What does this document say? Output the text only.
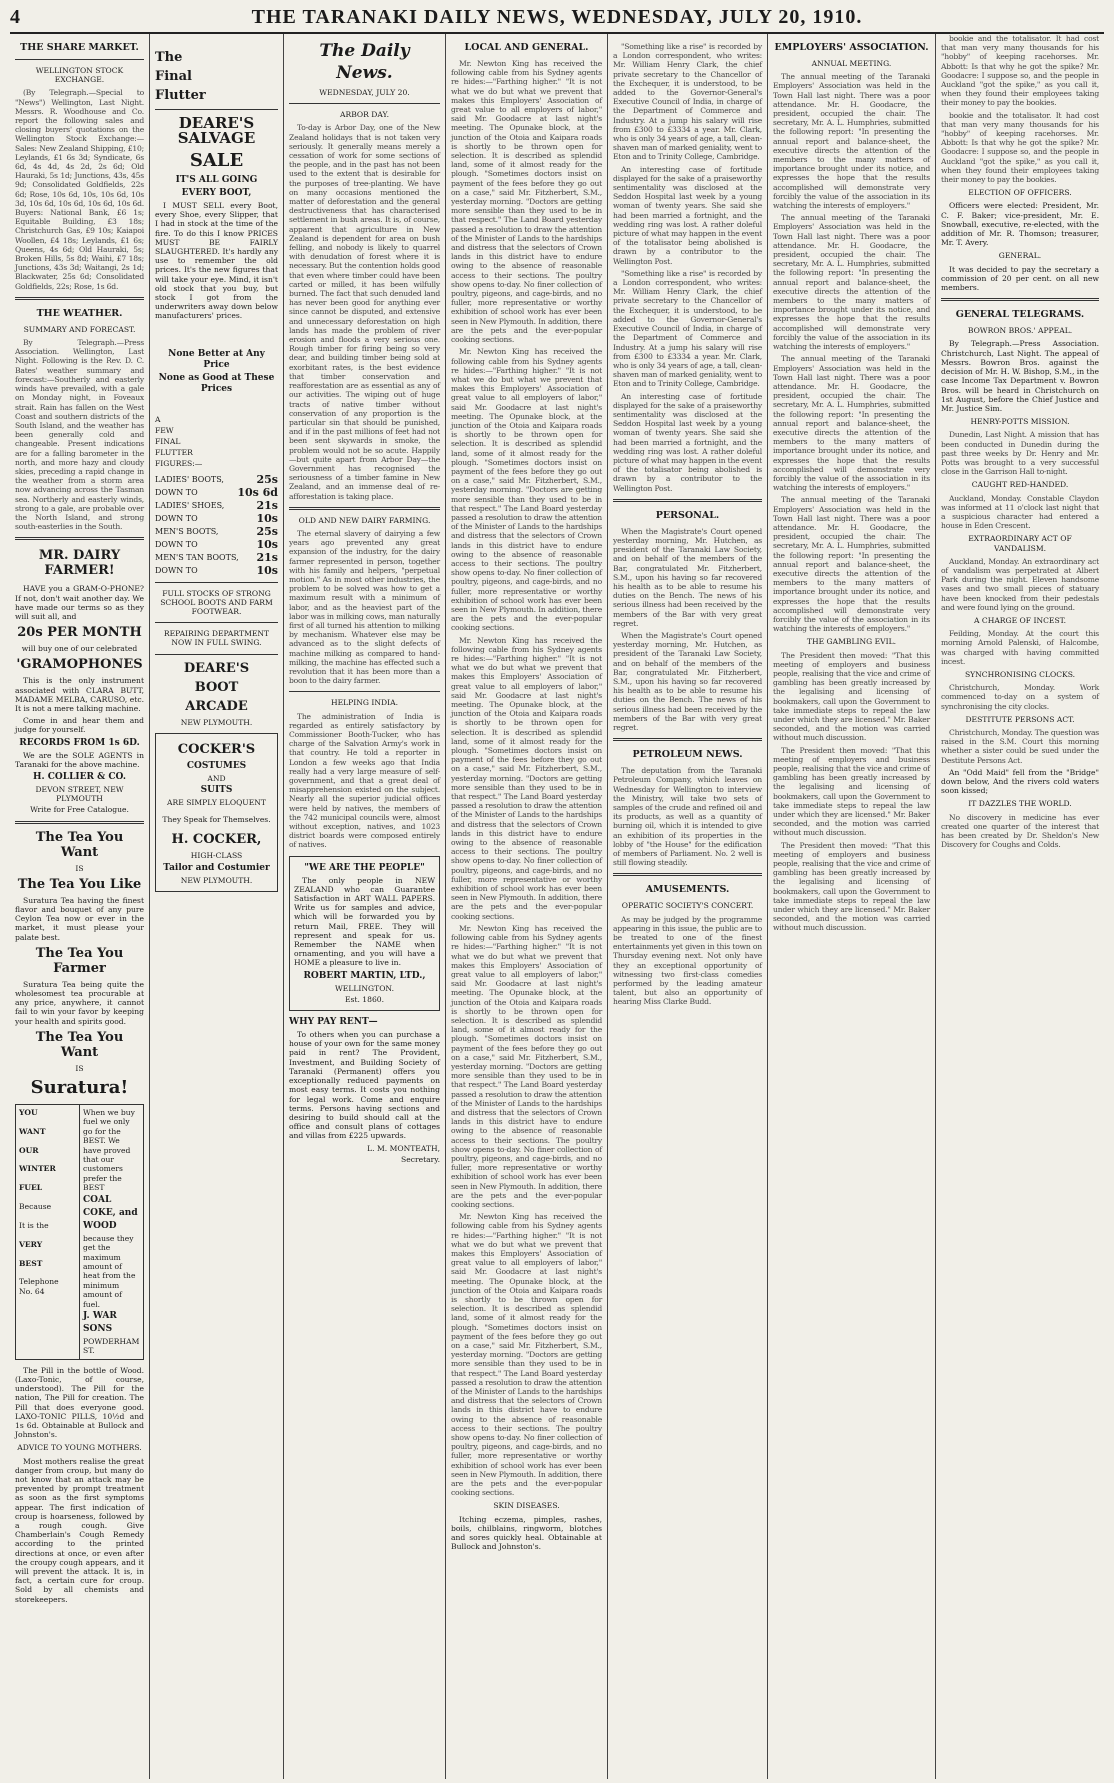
4	THE TARANAKI DAILY NEWS, WEDNESDAY, JULY 20, 1910.
THE SHARE MARKET.
WELLINGTON STOCK EXCHANGE.

(By Telegraph.—Special to "News") Wellington, Last Night. Messrs. R. Woodhouse and Co. report the following sales and closing buyers' quotations on the Wellington Stock Exchange:—Sales: New Zealand Shipping, £10; Leylands, £1 6s 3d; Syndicate, 6s 6d, 4s 4d, 4s 2d, 2s 6d; Old Hauraki, 5s 1d; Junctions, 43s, 45s 9d; Consolidated Goldfields, 22s 6d; Rose, 10s 6d, 10s, 10s 6d, 10s 3d, 10s 6d, 10s 6d, 10s 6d, 10s 6d. Buyers: National Bank, £6 1s; Equitable Building, £3 18s; Christchurch Gas, £9 10s; Kaiapoi Woollen, £4 18s; Leylands, £1 6s; Queens, 4s 6d; Old Hauraki, 5s; Broken Hills, 5s 8d; Waihi, £7 18s; Junctions, 43s 3d; Waitangi, 2s 1d; Blackwater, 25s 6d; Consolidated Goldfields, 22s; Rose, 1s 6d.

THE WEATHER.
SUMMARY AND FORECAST.

By Telegraph.—Press Association. Wellington, Last Night. Following is the Rev. D. C. Bates' weather summary and forecast:—Southerly and easterly winds have prevailed, with a gale on Monday night, in Foveaux strait. Rain has fallen on the West Coast and southern districts of the South Island, and the weather has been generally cold and changeable. Present indications are for a falling barometer in the north, and more hazy and cloudy skies, preceding a rapid change in the weather from a storm area now advancing across the Tasman sea. Northerly and easterly winds, strong to a gale, are probable over the North Island, and strong south-easterlies in the South.

MR. DAIRY FARMER!

HAVE you a GRAM-O-PHONE? If not, don't wait another day. We have made our terms so as they will suit all, and

20s PER MONTH
will buy one of our celebrated
'GRAMOPHONES

This is the only instrument associated with CLARA BUTT, MADAME MELBA, CARUSO, etc. It is not a mere talking machine.

Come in and hear them and judge for yourself.

RECORDS FROM 1s 6D.

We are the SOLE AGENTS in Taranaki for the above machine.

H. COLLIER & CO.
DEVON STREET, NEW PLYMOUTH
Write for Free Catalogue.
The Tea You Want
IS
The Tea You Like

Suratura Tea having the finest flavor and bouquet of any pure Ceylon Tea now or ever in the market, it must please your palate best.

The Tea You Farmer

Suratura Tea being quite the wholesomest tea procurable at any price, anywhere, it cannot fail to win your favor by keeping your health and spirits good.

The Tea You Want
IS
Suratura!
YOU

WANT

OUR

WINTER

FUEL

Because

It is the

VERY

BEST

Telephone
No. 64
When we buy fuel we only go for the BEST. We have proved that our customers prefer the BEST
COAL
COKE, and
WOOD
because they get the maximum amount of heat from the minimum amount of fuel.
J. WAR
SONS
POWDERHAM ST.

The Pill in the bottle of Wood. (Laxo-Tonic, of course, understood). The Pill for the nation, The Pill for creation. The Pill that does everyone good. LAXO-TONIC PILLS, 10½d and 1s 6d. Obtainable at Bullock and Johnston's.

ADVICE TO YOUNG MOTHERS.

Most mothers realise the great danger from croup, but many do not know that an attack may be prevented by prompt treatment as soon as the first symptoms appear. The first indication of croup is hoarseness, followed by a rough cough. Give Chamberlain's Cough Remedy according to the printed directions at once, or even after the croupy cough appears, and it will prevent the attack. It is, in fact, a certain cure for croup. Sold by all chemists and storekeepers.

The
Final
Flutter
DEARE'S SALVAGE
SALE
IT'S ALL GOING
EVERY BOOT,

I MUST SELL every Boot, every Shoe, every Slipper, that I had in stock at the time of the fire. To do this I know PRICES MUST BE FAIRLY SLAUGHTERED. It's hardly any use to remember the old prices. It's the new figures that will take your eye. Mind, it isn't old stock that you buy, but stock I got from the underwriters away down below manufacturers' prices.

None Better at Any Price
None as Good at These Prices
A
FEW
FINAL
FLUTTER
FIGURES:—
LADIES' BOOTS,	25s
DOWN TO	10s 6d
LADIES' SHOES,	21s
DOWN TO	10s
MEN'S BOOTS,	25s
DOWN TO	10s
MEN'S TAN BOOTS, 21s
DOWN TO	10s
FULL STOCKS OF STRONG SCHOOL BOOTS AND FARM FOOTWEAR.
REPAIRING DEPARTMENT NOW IN FULL SWING.
DEARE'S
BOOT
ARCADE
NEW PLYMOUTH.
COCKER'S
COSTUMES
AND
SUITS
ARE SIMPLY ELOQUENT
They Speak for Themselves.
H. COCKER,
HIGH-CLASS
Tailor and Costumier
NEW PLYMOUTH.
The Daily News.
WEDNESDAY, JULY 20.
ARBOR DAY.

To-day is Arbor Day, one of the New Zealand holidays that is not taken very seriously. It generally means merely a cessation of work for some sections of the people, and in the past has not been used to the extent that is desirable for the purposes of tree-planting. We have on many occasions mentioned the matter of deforestation and the general destructiveness that has characterised settlement in bush areas. It is, of course, apparent that agriculture in New Zealand is dependent for area on bush felling, and nobody is likely to quarrel with denudation of forest where it is necessary. But the contention holds good that even where timber could have been carted or milled, it has been wilfully burned. The fact that such denuded land has never been good for anything ever since cannot be disputed, and extensive and unnecessary deforestation on high lands has made the problem of river erosion and floods a very serious one. Rough timber for firing being so very dear, and building timber being sold at exorbitant rates, is the best evidence that timber conservation and reafforestation are as essential as any of our activities. The wiping out of huge tracts of native timber without conservation of any proportion is the particular sin that should be punished, and if in the past millions of feet had not been sent skywards in smoke, the problem would not be so acute. Happily—but quite apart from Arbor Day—the Government has recognised the seriousness of a timber famine in New Zealand, and an immense deal of re-afforestation is taking place.

OLD AND NEW DAIRY FARMING.

The eternal slavery of dairying a few years ago prevented any great expansion of the industry, for the dairy farmer represented in person, together with his family and helpers, "perpetual motion." As in most other industries, the problem to be solved was how to get a maximum result with a minimum of labor, and as the heaviest part of the labor was in milking cows, man naturally first of all turned his attention to milking by mechanism. Whatever else may be advanced as to the slight defects of machine milking as compared to hand-milking, the machine has effected such a revolution that it has been more than a boon to the dairy farmer.

HELPING INDIA.

The administration of India is regarded as entirely satisfactory by Commissioner Booth-Tucker, who has charge of the Salvation Army's work in that country. He told a reporter in London a few weeks ago that India really had a very large measure of self-government, and that a great deal of misapprehension existed on the subject. Nearly all the superior judicial offices were held by natives, the members of the 742 municipal councils were, almost without exception, natives, and 1023 district boards were composed entirely of natives.

"WE ARE THE PEOPLE"

The only people in NEW ZEALAND who can Guarantee Satisfaction in ART WALL PAPERS. Write us for samples and advice, which will be forwarded you by return Mail, FREE. They will represent and speak for us. Remember the NAME when ornamenting, and you will have a HOME a pleasure to live in.

ROBERT MARTIN, LTD.,
WELLINGTON.
Est. 1860.
WHY PAY RENT—

To others when you can purchase a house of your own for the same money paid in rent? The Provident, Investment, and Building Society of Taranaki (Permanent) offers you exceptionally reduced payments on most easy terms. It costs you nothing for legal work. Come and enquire terms. Persons having sections and desiring to build should call at the office and consult plans of cottages and villas from £225 upwards.

L. M. MONTEATH,
Secretary.
LOCAL AND GENERAL.

Mr. Newton King has received the following cable from his Sydney agents re hides:—"Farthing higher." "It is not what we do but what we prevent that makes this Employers' Association of great value to all employers of labor," said Mr. Goodacre at last night's meeting. The Opunake block, at the junction of the Otoia and Kaipara roads is shortly to be thrown open for selection. It is described as splendid land, some of it almost ready for the plough. "Sometimes doctors insist on payment of the fees before they go out on a case," said Mr. Fitzherbert, S.M., yesterday morning. "Doctors are getting more sensible than they used to be in that respect." The Land Board yesterday passed a resolution to draw the attention of the Minister of Lands to the hardships and distress that the selectors of Crown lands in this district have to endure owing to the absence of reasonable access to their sections. The poultry show opens to-day. No finer collection of poultry, pigeons, and cage-birds, and no fuller, more representative or worthy exhibition of school work has ever been seen in New Plymouth. In addition, there are the pets and the ever-popular cooking sections.

Mr. Newton King has received the following cable from his Sydney agents re hides:—"Farthing higher." "It is not what we do but what we prevent that makes this Employers' Association of great value to all employers of labor," said Mr. Goodacre at last night's meeting. The Opunake block, at the junction of the Otoia and Kaipara roads is shortly to be thrown open for selection. It is described as splendid land, some of it almost ready for the plough. "Sometimes doctors insist on payment of the fees before they go out on a case," said Mr. Fitzherbert, S.M., yesterday morning. "Doctors are getting more sensible than they used to be in that respect." The Land Board yesterday passed a resolution to draw the attention of the Minister of Lands to the hardships and distress that the selectors of Crown lands in this district have to endure owing to the absence of reasonable access to their sections. The poultry show opens to-day. No finer collection of poultry, pigeons, and cage-birds, and no fuller, more representative or worthy exhibition of school work has ever been seen in New Plymouth. In addition, there are the pets and the ever-popular cooking sections.

Mr. Newton King has received the following cable from his Sydney agents re hides:—"Farthing higher." "It is not what we do but what we prevent that makes this Employers' Association of great value to all employers of labor," said Mr. Goodacre at last night's meeting. The Opunake block, at the junction of the Otoia and Kaipara roads is shortly to be thrown open for selection. It is described as splendid land, some of it almost ready for the plough. "Sometimes doctors insist on payment of the fees before they go out on a case," said Mr. Fitzherbert, S.M., yesterday morning. "Doctors are getting more sensible than they used to be in that respect." The Land Board yesterday passed a resolution to draw the attention of the Minister of Lands to the hardships and distress that the selectors of Crown lands in this district have to endure owing to the absence of reasonable access to their sections. The poultry show opens to-day. No finer collection of poultry, pigeons, and cage-birds, and no fuller, more representative or worthy exhibition of school work has ever been seen in New Plymouth. In addition, there are the pets and the ever-popular cooking sections.

Mr. Newton King has received the following cable from his Sydney agents re hides:—"Farthing higher." "It is not what we do but what we prevent that makes this Employers' Association of great value to all employers of labor," said Mr. Goodacre at last night's meeting. The Opunake block, at the junction of the Otoia and Kaipara roads is shortly to be thrown open for selection. It is described as splendid land, some of it almost ready for the plough. "Sometimes doctors insist on payment of the fees before they go out on a case," said Mr. Fitzherbert, S.M., yesterday morning. "Doctors are getting more sensible than they used to be in that respect." The Land Board yesterday passed a resolution to draw the attention of the Minister of Lands to the hardships and distress that the selectors of Crown lands in this district have to endure owing to the absence of reasonable access to their sections. The poultry show opens to-day. No finer collection of poultry, pigeons, and cage-birds, and no fuller, more representative or worthy exhibition of school work has ever been seen in New Plymouth. In addition, there are the pets and the ever-popular cooking sections.

Mr. Newton King has received the following cable from his Sydney agents re hides:—"Farthing higher." "It is not what we do but what we prevent that makes this Employers' Association of great value to all employers of labor," said Mr. Goodacre at last night's meeting. The Opunake block, at the junction of the Otoia and Kaipara roads is shortly to be thrown open for selection. It is described as splendid land, some of it almost ready for the plough. "Sometimes doctors insist on payment of the fees before they go out on a case," said Mr. Fitzherbert, S.M., yesterday morning. "Doctors are getting more sensible than they used to be in that respect." The Land Board yesterday passed a resolution to draw the attention of the Minister of Lands to the hardships and distress that the selectors of Crown lands in this district have to endure owing to the absence of reasonable access to their sections. The poultry show opens to-day. No finer collection of poultry, pigeons, and cage-birds, and no fuller, more representative or worthy exhibition of school work has ever been seen in New Plymouth. In addition, there are the pets and the ever-popular cooking sections.

SKIN DISEASES.

Itching eczema, pimples, rashes, boils, chilblains, ringworm, blotches and sores quickly heal. Obtainable at Bullock and Johnston's.

"Something like a rise" is recorded by a London correspondent, who writes: Mr. William Henry Clark, the chief private secretary to the Chancellor of the Exchequer, it is understood, to be added to the Governor-General's Executive Council of India, in charge of the Department of Commerce and Industry. At a jump his salary will rise from £300 to £3334 a year. Mr. Clark, who is only 34 years of age, a tall, clean-shaven man of marked geniality, went to Eton and to Trinity College, Cambridge.

An interesting case of fortitude displayed for the sake of a praiseworthy sentimentality was disclosed at the Seddon Hospital last week by a young woman of twenty years. She said she had been married a fortnight, and the wedding ring was lost. A rather doleful picture of what may happen in the event of the totalisator being abolished is drawn by a contributor to the Wellington Post.

"Something like a rise" is recorded by a London correspondent, who writes: Mr. William Henry Clark, the chief private secretary to the Chancellor of the Exchequer, it is understood, to be added to the Governor-General's Executive Council of India, in charge of the Department of Commerce and Industry. At a jump his salary will rise from £300 to £3334 a year. Mr. Clark, who is only 34 years of age, a tall, clean-shaven man of marked geniality, went to Eton and to Trinity College, Cambridge.

An interesting case of fortitude displayed for the sake of a praiseworthy sentimentality was disclosed at the Seddon Hospital last week by a young woman of twenty years. She said she had been married a fortnight, and the wedding ring was lost. A rather doleful picture of what may happen in the event of the totalisator being abolished is drawn by a contributor to the Wellington Post.

PERSONAL.

When the Magistrate's Court opened yesterday morning, Mr. Hutchen, as president of the Taranaki Law Society, and on behalf of the members of the Bar, congratulated Mr. Fitzherbert, S.M., upon his having so far recovered his health as to be able to resume his duties on the Bench. The news of his serious illness had been received by the members of the Bar with very great regret.

When the Magistrate's Court opened yesterday morning, Mr. Hutchen, as president of the Taranaki Law Society, and on behalf of the members of the Bar, congratulated Mr. Fitzherbert, S.M., upon his having so far recovered his health as to be able to resume his duties on the Bench. The news of his serious illness had been received by the members of the Bar with very great regret.

PETROLEUM NEWS.

The deputation from the Taranaki Petroleum Company, which leaves on Wednesday for Wellington to interview the Ministry, will take two sets of samples of the crude and refined oil and its products, as well as a quantity of burning oil, which it is intended to give an exhibition of its properties in the lobby of "the House" for the edification of members of Parliament. No. 2 well is still flowing steadily.

AMUSEMENTS.
OPERATIC SOCIETY'S CONCERT.

As may be judged by the programme appearing in this issue, the public are to be treated to one of the finest entertainments yet given in this town on Thursday evening next. Not only have they an exceptional opportunity of witnessing two first-class comedies performed by the leading amateur talent, but also an opportunity of hearing Miss Clarke Budd.

EMPLOYERS' ASSOCIATION.
ANNUAL MEETING.

The annual meeting of the Taranaki Employers' Association was held in the Town Hall last night. There was a poor attendance. Mr. H. Goodacre, the president, occupied the chair. The secretary, Mr. A. L. Humphries, submitted the following report: "In presenting the annual report and balance-sheet, the executive directs the attention of the members to the many matters of importance brought under its notice, and expresses the hope that the results accomplished will demonstrate very forcibly the value of the association in its watching the interests of employers."

The annual meeting of the Taranaki Employers' Association was held in the Town Hall last night. There was a poor attendance. Mr. H. Goodacre, the president, occupied the chair. The secretary, Mr. A. L. Humphries, submitted the following report: "In presenting the annual report and balance-sheet, the executive directs the attention of the members to the many matters of importance brought under its notice, and expresses the hope that the results accomplished will demonstrate very forcibly the value of the association in its watching the interests of employers."

The annual meeting of the Taranaki Employers' Association was held in the Town Hall last night. There was a poor attendance. Mr. H. Goodacre, the president, occupied the chair. The secretary, Mr. A. L. Humphries, submitted the following report: "In presenting the annual report and balance-sheet, the executive directs the attention of the members to the many matters of importance brought under its notice, and expresses the hope that the results accomplished will demonstrate very forcibly the value of the association in its watching the interests of employers."

The annual meeting of the Taranaki Employers' Association was held in the Town Hall last night. There was a poor attendance. Mr. H. Goodacre, the president, occupied the chair. The secretary, Mr. A. L. Humphries, submitted the following report: "In presenting the annual report and balance-sheet, the executive directs the attention of the members to the many matters of importance brought under its notice, and expresses the hope that the results accomplished will demonstrate very forcibly the value of the association in its watching the interests of employers."

THE GAMBLING EVIL.

The President then moved: "That this meeting of employers and business people, realising that the vice and crime of gambling has been greatly increased by the legalising and licensing of bookmakers, call upon the Government to take immediate steps to repeal the law under which they are licensed." Mr. Baker seconded, and the motion was carried without much discussion.

The President then moved: "That this meeting of employers and business people, realising that the vice and crime of gambling has been greatly increased by the legalising and licensing of bookmakers, call upon the Government to take immediate steps to repeal the law under which they are licensed." Mr. Baker seconded, and the motion was carried without much discussion.

The President then moved: "That this meeting of employers and business people, realising that the vice and crime of gambling has been greatly increased by the legalising and licensing of bookmakers, call upon the Government to take immediate steps to repeal the law under which they are licensed." Mr. Baker seconded, and the motion was carried without much discussion.

bookie and the totalisator. It had cost that man very many thousands for his "hobby" of keeping racehorses. Mr. Abbott: Is that why he got the spike? Mr. Goodacre: I suppose so, and the people in Auckland "got the spike," as you call it, when they found their employees taking their money to pay the bookies.

bookie and the totalisator. It had cost that man very many thousands for his "hobby" of keeping racehorses. Mr. Abbott: Is that why he got the spike? Mr. Goodacre: I suppose so, and the people in Auckland "got the spike," as you call it, when they found their employees taking their money to pay the bookies.

ELECTION OF OFFICERS.

Officers were elected: President, Mr. C. F. Baker; vice-president, Mr. E. Snowball, executive, re-elected, with the addition of Mr. R. Thomson; treasurer, Mr. T. Avery.

GENERAL.

It was decided to pay the secretary a commission of 20 per cent. on all new members.

GENERAL TELEGRAMS.
BOWRON BROS.' APPEAL.

By Telegraph.—Press Association. Christchurch, Last Night. The appeal of Messrs. Bowron Bros. against the decision of Mr. H. W. Bishop, S.M., in the case Income Tax Department v. Bowron Bros. will be heard in Christchurch on 1st August, before the Chief Justice and Mr. Justice Sim.

HENRY-POTTS MISSION.

Dunedin, Last Night. A mission that has been conducted in Dunedin during the past three weeks by Dr. Henry and Mr. Potts was brought to a very successful close in the Garrison Hall to-night.

CAUGHT RED-HANDED.

Auckland, Monday. Constable Claydon was informed at 11 o'clock last night that a suspicious character had entered a house in Eden Crescent.

EXTRAORDINARY ACT OF VANDALISM.

Auckland, Monday. An extraordinary act of vandalism was perpetrated at Albert Park during the night. Eleven handsome vases and two small pieces of statuary have been knocked from their pedestals and were found lying on the ground.

A CHARGE OF INCEST.

Feilding, Monday. At the court this morning Arnold Palenski, of Halcombe, was charged with having committed incest.

SYNCHRONISING CLOCKS.

Christchurch, Monday. Work commenced to-day on a system of synchronising the city clocks.

DESTITUTE PERSONS ACT.

Christchurch, Monday. The question was raised in the S.M. Court this morning whether a sister could be sued under the Destitute Persons Act.

An "Odd Maid" fell from the "Bridge" down below, And the rivers cold waters soon kissed;

IT DAZZLES THE WORLD.

No discovery in medicine has ever created one quarter of the interest that has been created by Dr. Sheldon's New Discovery for Coughs and Colds.
